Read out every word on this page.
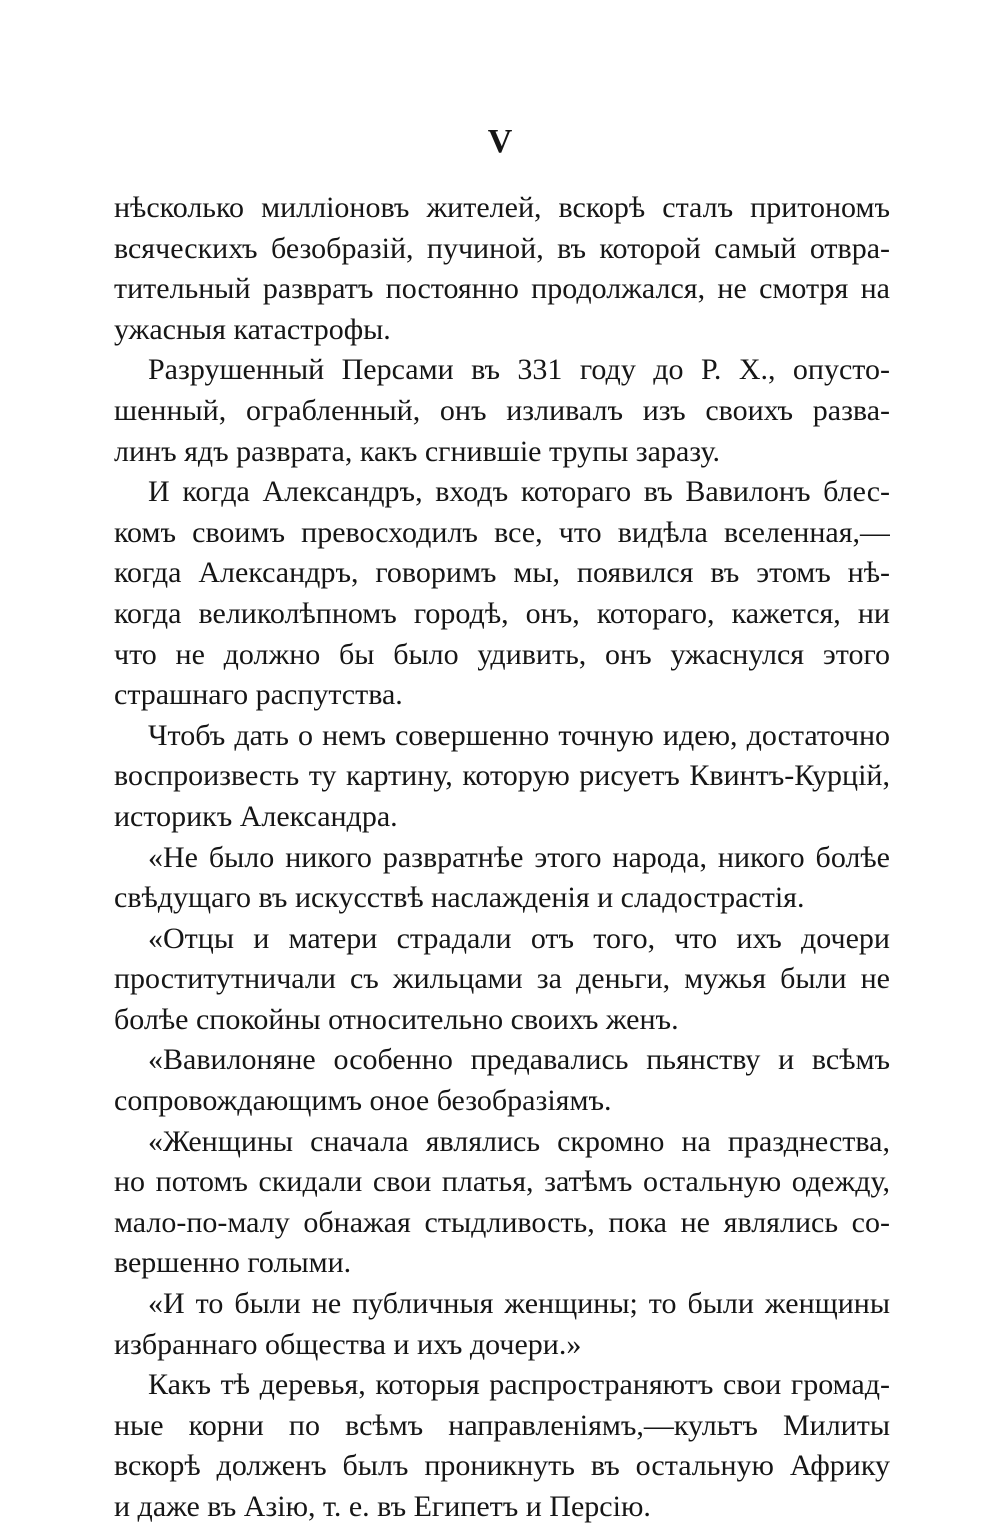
V
нѣсколько милліоновъ жителей, вскорѣ сталъ притономъ
всяческихъ безобразій, пучиной, въ которой самый отвра-
тительный развратъ постоянно продолжался, не смотря на
ужасныя катастрофы.
Разрушенный Персами въ 331 году до Р. Х., опусто-
шенный, ограбленный, онъ изливалъ изъ своихъ разва-
линъ ядъ разврата, какъ сгнившіе трупы заразу.
И когда Александръ, входъ котораго въ Вавилонъ блес-
комъ своимъ превосходилъ все, что видѣла вселенная,—
когда Александръ, говоримъ мы, появился въ этомъ нѣ-
когда великолѣпномъ городѣ, онъ, котораго, кажется, ни
что не должно бы было удивить, онъ ужаснулся этого
страшнаго распутства.
Чтобъ дать о немъ совершенно точную идею, достаточно
воспроизвесть ту картину, которую рисуетъ Квинтъ-Курцій,
историкъ Александра.
«Не было никого развратнѣе этого народа, никого болѣе
свѣдущаго въ искусствѣ наслажденія и сладострастія.
«Отцы и матери страдали отъ того, что ихъ дочери
проститутничали съ жильцами за деньги, мужья были не
болѣе спокойны относительно своихъ женъ.
«Вавилоняне особенно предавались пьянству и всѣмъ
сопровождающимъ оное безобразіямъ.
«Женщины сначала являлись скромно на празднества,
но потомъ скидали свои платья, затѣмъ остальную одежду,
мало-по-малу обнажая стыдливость, пока не являлись со-
вершенно голыми.
«И то были не публичныя женщины; то были женщины
избраннаго общества и ихъ дочери.»
Какъ тѣ деревья, которыя распространяютъ свои громад-
ные корни по всѣмъ направленіямъ,—культъ Милиты
вскорѣ долженъ былъ проникнуть въ остальную Африку
и даже въ Азію, т. е. въ Египетъ и Персію.
